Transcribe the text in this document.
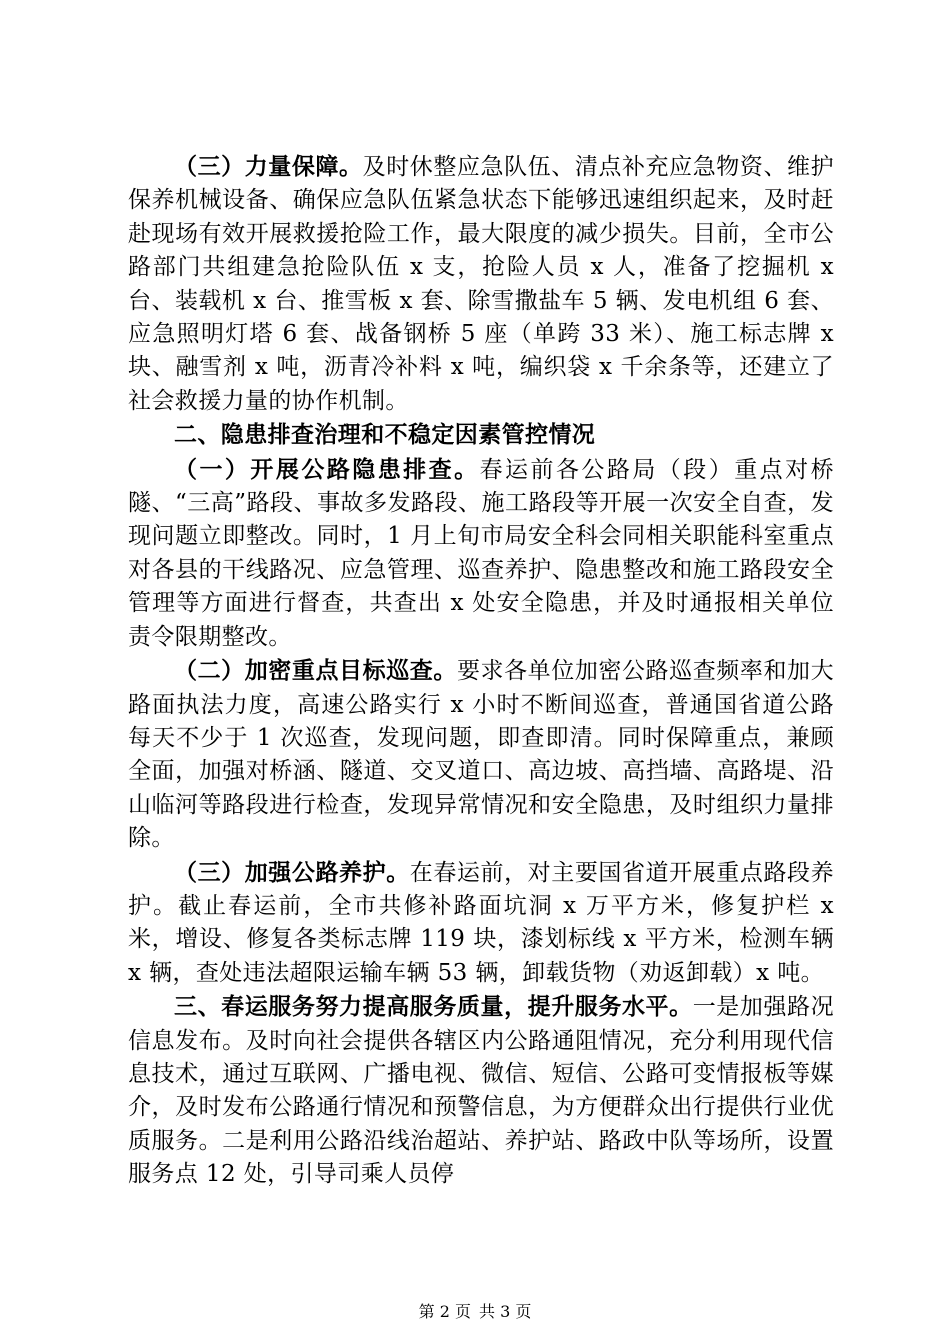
（三）力量保障。及时休整应急队伍、清点补充应急物资、维护保养机械设备、确保应急队伍紧急状态下能够迅速组织起来，及时赶赴现场有效开展救援抢险工作，最大限度的减少损失。目前，全市公路部门共组建急抢险队伍 x 支，抢险人员 x 人，准备了挖掘机 x 台、装载机 x 台、推雪板 x 套、除雪撒盐车 5 辆、发电机组 6 套、应急照明灯塔 6 套、战备钢桥 5 座（单跨 33 米）、施工标志牌 x 块、融雪剂 x 吨，沥青冷补料 x 吨，编织袋 x 千余条等，还建立了社会救援力量的协作机制。

二、隐患排查治理和不稳定因素管控情况

（一）开展公路隐患排查。春运前各公路局（段）重点对桥隧、“三高”路段、事故多发路段、施工路段等开展一次安全自查，发现问题立即整改。同时，1 月上旬市局安全科会同相关职能科室重点对各县的干线路况、应急管理、巡查养护、隐患整改和施工路段安全管理等方面进行督查，共查出 x 处安全隐患，并及时通报相关单位责令限期整改。

（二）加密重点目标巡查。要求各单位加密公路巡查频率和加大路面执法力度，高速公路实行 x 小时不断间巡查，普通国省道公路每天不少于 1 次巡查，发现问题，即查即清。同时保障重点，兼顾全面，加强对桥涵、隧道、交叉道口、高边坡、高挡墙、高路堤、沿山临河等路段进行检查，发现异常情况和安全隐患，及时组织力量排除。

（三）加强公路养护。在春运前，对主要国省道开展重点路段养护。截止春运前，全市共修补路面坑洞 x 万平方米，修复护栏 x 米，增设、修复各类标志牌 119 块，漆划标线 x 平方米，检测车辆 x 辆，查处违法超限运输车辆 53 辆，卸载货物（劝返卸载）x 吨。

三、春运服务努力提高服务质量，提升服务水平。一是加强路况信息发布。及时向社会提供各辖区内公路通阻情况，充分利用现代信息技术，通过互联网、广播电视、微信、短信、公路可变情报板等媒介，及时发布公路通行情况和预警信息，为方便群众出行提供行业优质服务。二是利用公路沿线治超站、养护站、路政中队等场所，设置服务点 12 处，引导司乘人员停

第 2 页 共 3 页
